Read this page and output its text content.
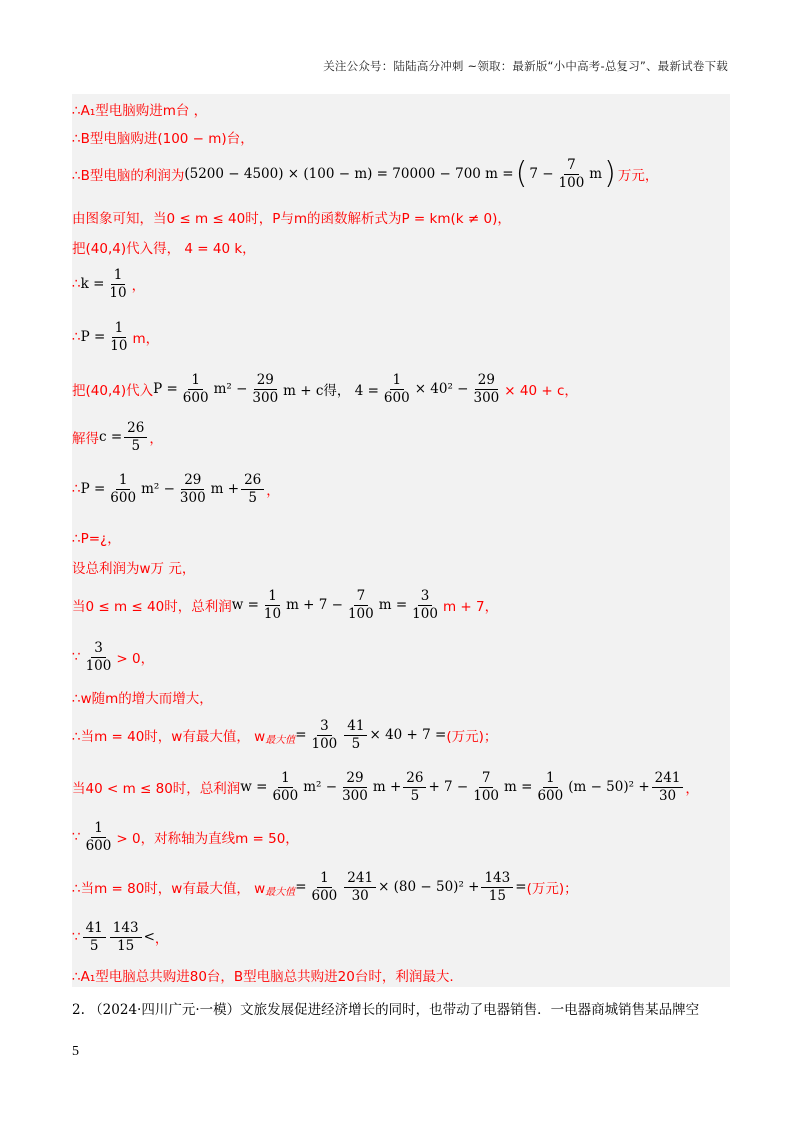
关注公众号：陆陆高分冲刺 ~领取：最新版“小中高考-总复习”、最新试卷下载
∴A₁型电脑购进m台 ，
∴B型电脑购进(100 − m)台，
∴B型电脑的利润为 (5200 − 4500) × (100 − m) = 70000 − 700 m = ( $7 - \frac{7}{100}$ m ) 万元，
由图象可知，当0 ≤ m ≤ 40时，P与m的函数解析式为P = km(k ≠ 0)，
把(40,4)代入得， 4 = 40 k，
∴ $k = \frac{1}{10}$ ，
∴ $P = \frac{1}{10}$ m，
把(40,4)代入 $P = \frac{1}{600} m^2 - \frac{29}{300}$ m + c得， $4 = \frac{1}{600} \times 40^2 - \frac{29}{300} \times 40 + c$，
解得 $c = \frac{26}{5}$ ，
∴ $P = \frac{1}{600} m^2 - \frac{29}{300}$ $m + \frac{26}{5}$ ，
∴P=¿，
设总利润为w万 元，
当0 ≤ m ≤ 40时，总利润 $w = \frac{1}{10}$ $m + 7 - \frac{7}{100}$ $m = \frac{3}{100}$ m + 7，
∵ $\frac{3}{100} > 0$，
∴w随m的增大而增大，
∴当m = 40时，w有最大值， w 最大值 = $\frac{3}{100} \frac{41}{5} \times 40 + 7$ = (万元)；
当40 < m ≤ 80时，总利润 $w = \frac{1}{600} m^2 - \frac{29}{300}$ $m + \frac{26}{5} + 7 - \frac{7}{100}$ $m = \frac{1}{600} (m - 50)^2 + \frac{241}{30}$ ，
∵ $\frac{1}{600} > 0$，对称轴为直线m = 50，
∴当m = 80时，w有最大值， w 最大值 = $\frac{1}{600} \frac{241}{30} \times (80 - 50)^2 + \frac{143}{15}$ = (万元)；
∵ $\frac{41}{5} \frac{143}{15}$ < ，
∴A₁型电脑总共购进80台，B型电脑总共购进20台时，利润最大.
2. （2024·四川广元·一模）文旅发展促进经济增长的同时，也带动了电器销售．一电器商城销售某品牌空
5
